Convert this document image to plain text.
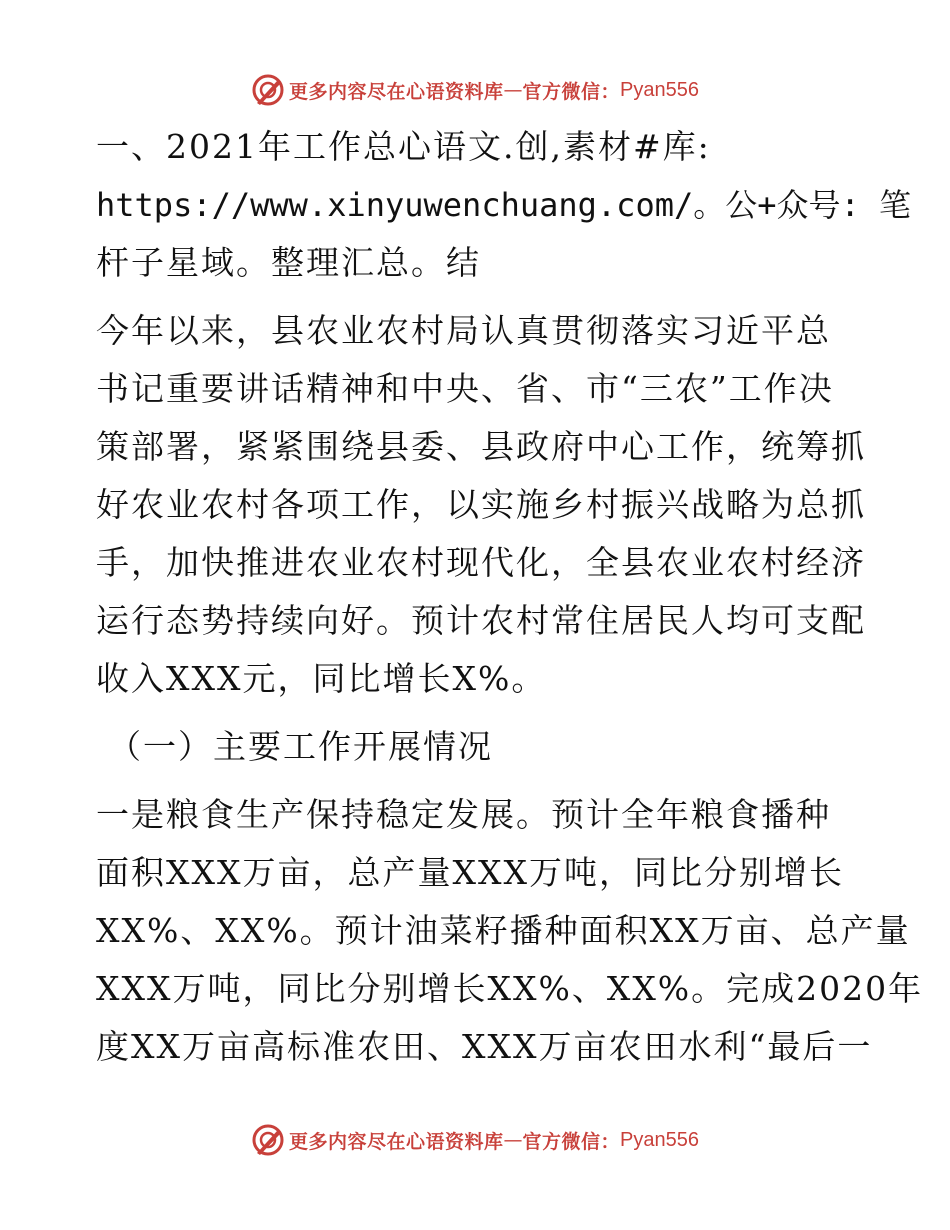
更多内容尽在心语资料库 — 官方微信： Pyan556
一、2021年工作总心语文.创,素材#库:
https://www.xinyuwenchuang.com/。公+众号: 笔
杆子星域。整理汇总。结
今年以来，县农业农村局认真贯彻落实习近平总
书记重要讲话精神和中央、省、市“三农”工作决
策部署，紧紧围绕县委、县政府中心工作，统筹抓
好农业农村各项工作，以实施乡村振兴战略为总抓
手，加快推进农业农村现代化，全县农业农村经济
运行态势持续向好。预计农村常住居民人均可支配
收入XXX元，同比增长X%。
（一）主要工作开展情况
一是粮食生产保持稳定发展。预计全年粮食播种
面积XXX万亩，总产量XXX万吨，同比分别增长
XX%、XX%。预计油菜籽播种面积XX万亩、总产量
XXX万吨，同比分别增长XX%、XX%。完成2020年
度XX万亩高标准农田、XXX万亩农田水利“最后一
更多内容尽在心语资料库 — 官方微信： Pyan556
